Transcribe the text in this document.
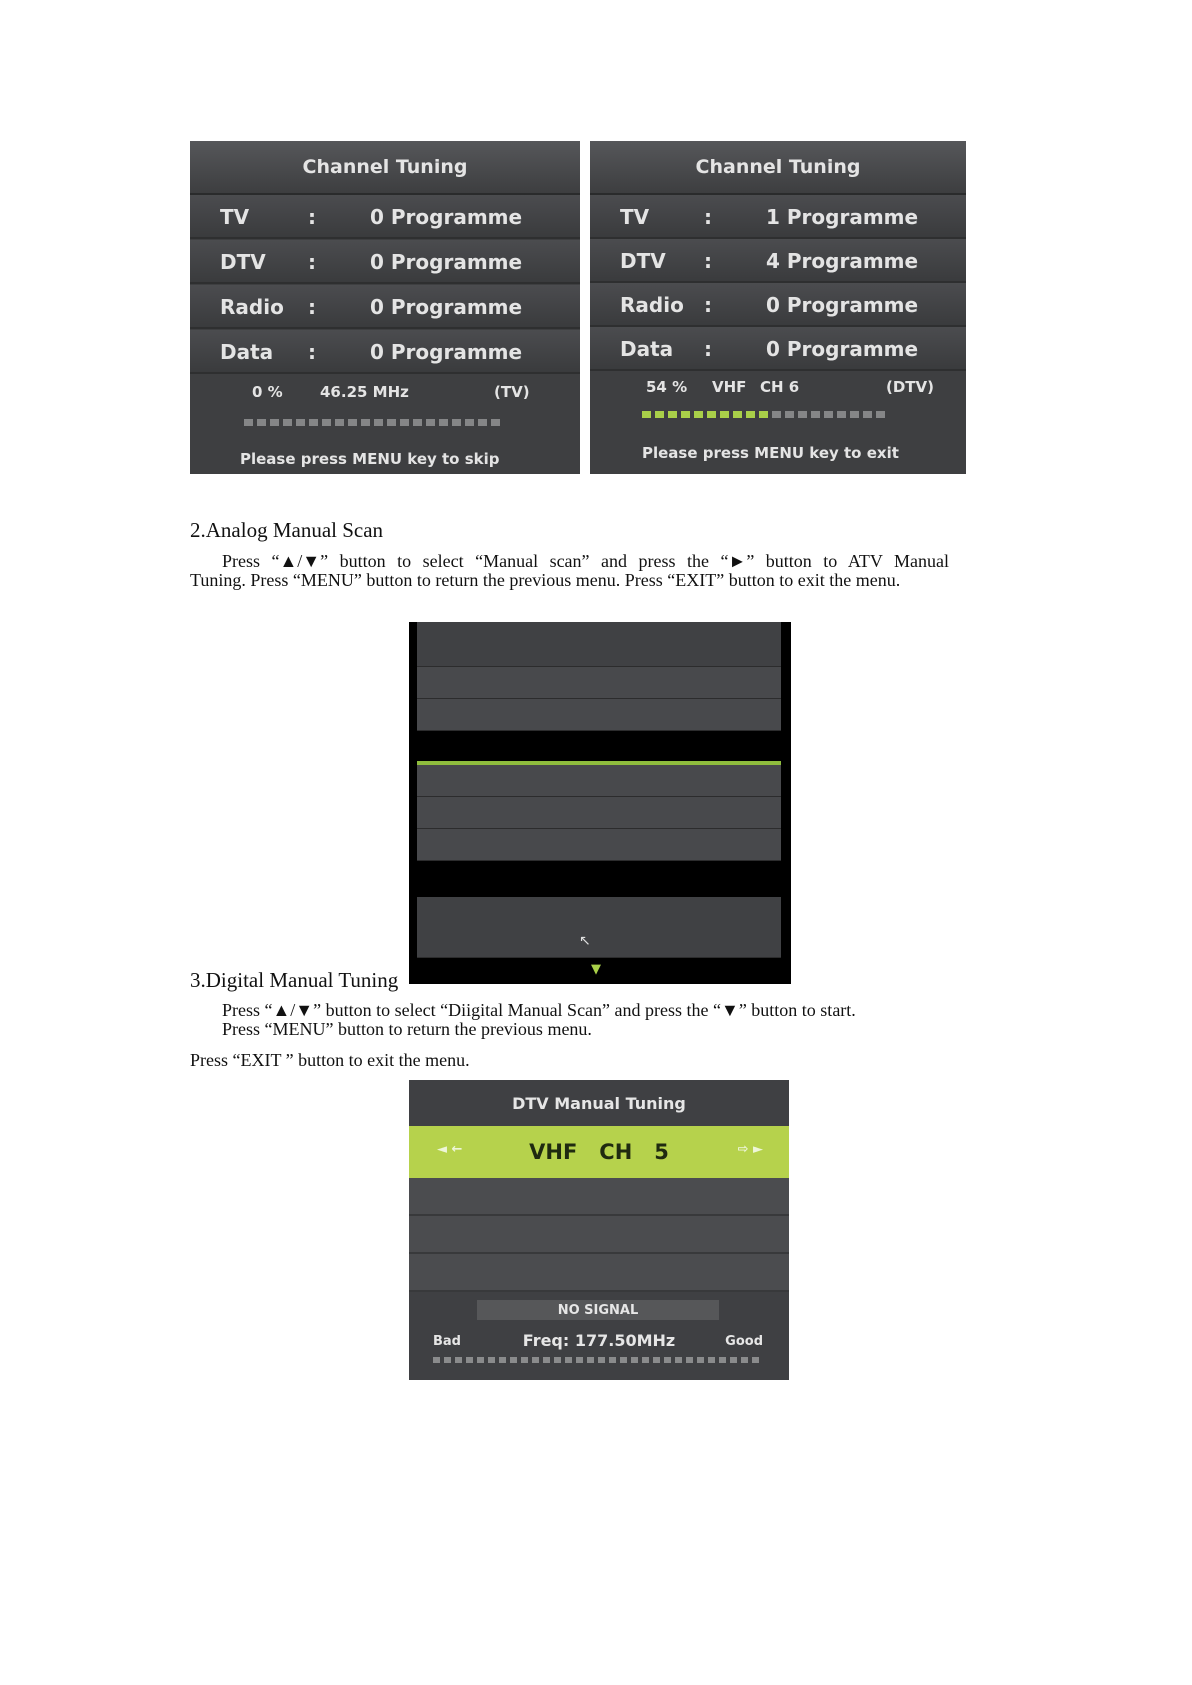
Channel Tuning
TV	:	0 Programme
DTV :	0 Programme
Radio :	0 Programme
Data :	0 Programme
0 % 46.25 MHz	(TV)
Please press MENU key to skip
Channel Tuning
TV	:	1 Programme
DTV :	4 Programme
Radio :	0 Programme
Data :	0 Programme
54 % VHF CH 6	(DTV)
Please press MENU key to exit
2.Analog Manual Scan
Press “▲/▼” button to select “Manual scan” and press the “►” button to ATV Manual
Tuning. Press “MENU” button to return the previous menu. Press “EXIT” button to exit the menu.
↖
▼
3.Digital Manual Tuning
Press “▲/▼” button to select “Diigital Manual Scan” and press the “▼” button to start.
Press “MENU” button to return the previous menu.
Press “EXIT ” button to exit the menu.
DTV Manual Tuning
◄ ←	VHF   CH   5	⇨ ►
NO SIGNAL
Bad	Freq: 177.50MHz	Good
